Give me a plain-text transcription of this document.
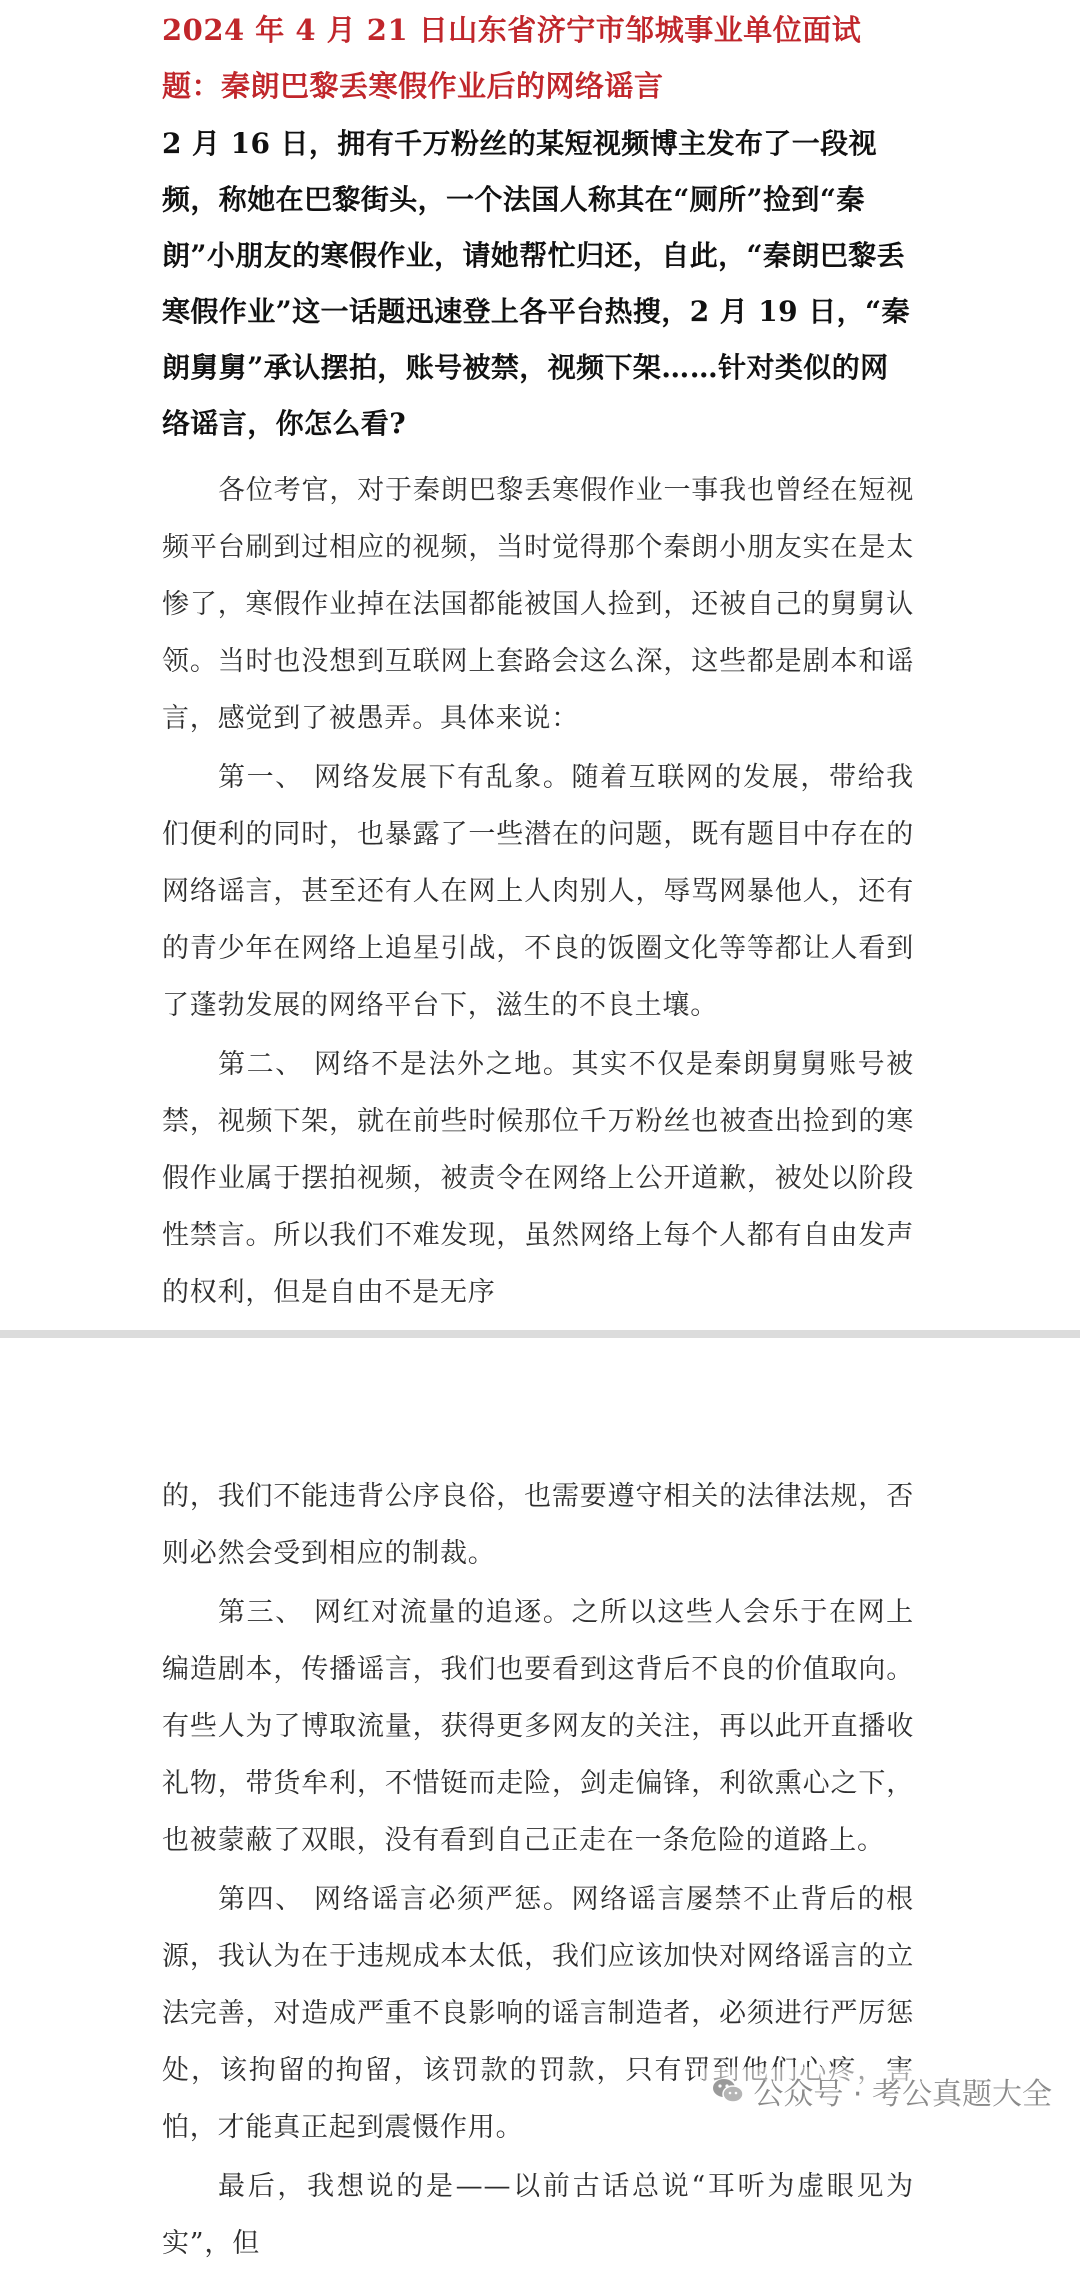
2024 年 4 月 21 日山东省济宁市邹城事业单位面试题：秦朗巴黎丢寒假作业后的网络谣言

2 月 16 日，拥有千万粉丝的某短视频博主发布了一段视频，称她在巴黎街头，一个法国人称其在“厕所”捡到“秦朗”小朋友的寒假作业，请她帮忙归还，自此，“秦朗巴黎丢寒假作业”这一话题迅速登上各平台热搜，2 月 19 日，“秦朗舅舅”承认摆拍，账号被禁，视频下架……针对类似的网络谣言，你怎么看?

各位考官，对于秦朗巴黎丢寒假作业一事我也曾经在短视频平台刷到过相应的视频，当时觉得那个秦朗小朋友实在是太惨了，寒假作业掉在法国都能被国人捡到，还被自己的舅舅认领。当时也没想到互联网上套路会这么深，这些都是剧本和谣言，感觉到了被愚弄。具体来说：

第一、 网络发展下有乱象。随着互联网的发展，带给我们便利的同时，也暴露了一些潜在的问题，既有题目中存在的网络谣言，甚至还有人在网上人肉别人，辱骂网暴他人，还有的青少年在网络上追星引战，不良的饭圈文化等等都让人看到了蓬勃发展的网络平台下，滋生的不良土壤。

第二、 网络不是法外之地。其实不仅是秦朗舅舅账号被禁，视频下架，就在前些时候那位千万粉丝也被查出捡到的寒假作业属于摆拍视频，被责令在网络上公开道歉，被处以阶段性禁言。所以我们不难发现，虽然网络上每个人都有自由发声的权利，但是自由不是无序

的，我们不能违背公序良俗，也需要遵守相关的法律法规，否则必然会受到相应的制裁。

第三、 网红对流量的追逐。之所以这些人会乐于在网上编造剧本，传播谣言，我们也要看到这背后不良的价值取向。有些人为了博取流量，获得更多网友的关注，再以此开直播收礼物，带货牟利，不惜铤而走险，剑走偏锋，利欲熏心之下，也被蒙蔽了双眼，没有看到自己正走在一条危险的道路上。

第四、 网络谣言必须严惩。网络谣言屡禁不止背后的根源，我认为在于违规成本太低，我们应该加快对网络谣言的立法完善，对造成严重不良影响的谣言制造者，必须进行严厉惩处，该拘留的拘留，该罚款的罚款，只有罚到他们心疼，害怕，才能真正起到震慑作用。

最后，我想说的是——以前古话总说“耳听为虚眼见为实”，但	公众号 · 考公真题大全
